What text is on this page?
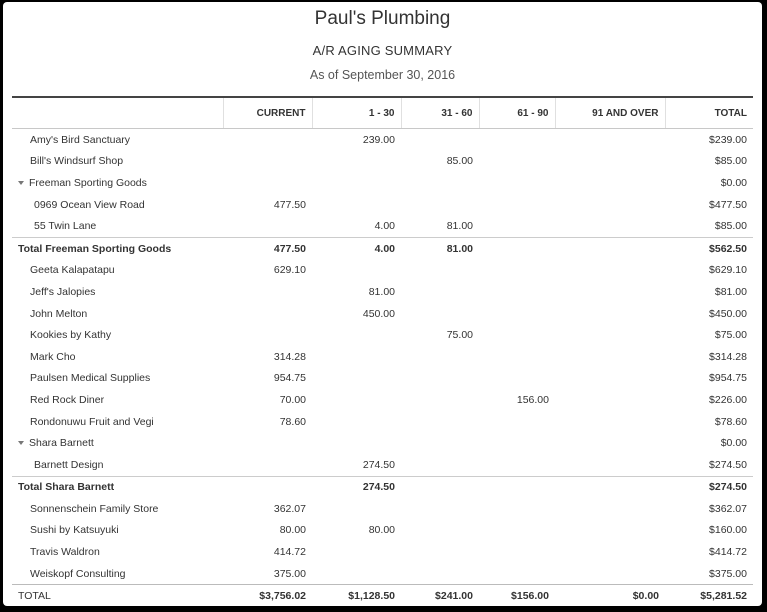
Paul's Plumbing
A/R AGING SUMMARY
As of September 30, 2016
	CURRENT	1 - 30	31 - 60	61 - 90	91 AND OVER	TOTAL
Amy's Bird Sanctuary		239.00				$239.00
Bill's Windsurf Shop			85.00			$85.00
Freeman Sporting Goods						$0.00
0969 Ocean View Road	477.50					$477.50
55 Twin Lane		4.00	81.00			$85.00
Total Freeman Sporting Goods	477.50	4.00	81.00			$562.50
Geeta Kalapatapu	629.10					$629.10
Jeff's Jalopies		81.00				$81.00
John Melton		450.00				$450.00
Kookies by Kathy			75.00			$75.00
Mark Cho	314.28					$314.28
Paulsen Medical Supplies	954.75					$954.75
Red Rock Diner	70.00			156.00		$226.00
Rondonuwu Fruit and Vegi	78.60					$78.60
Shara Barnett						$0.00
Barnett Design		274.50				$274.50
Total Shara Barnett		274.50				$274.50
Sonnenschein Family Store	362.07					$362.07
Sushi by Katsuyuki	80.00	80.00				$160.00
Travis Waldron	414.72					$414.72
Weiskopf Consulting	375.00					$375.00
TOTAL	$3,756.02	$1,128.50	$241.00	$156.00	$0.00	$5,281.52
